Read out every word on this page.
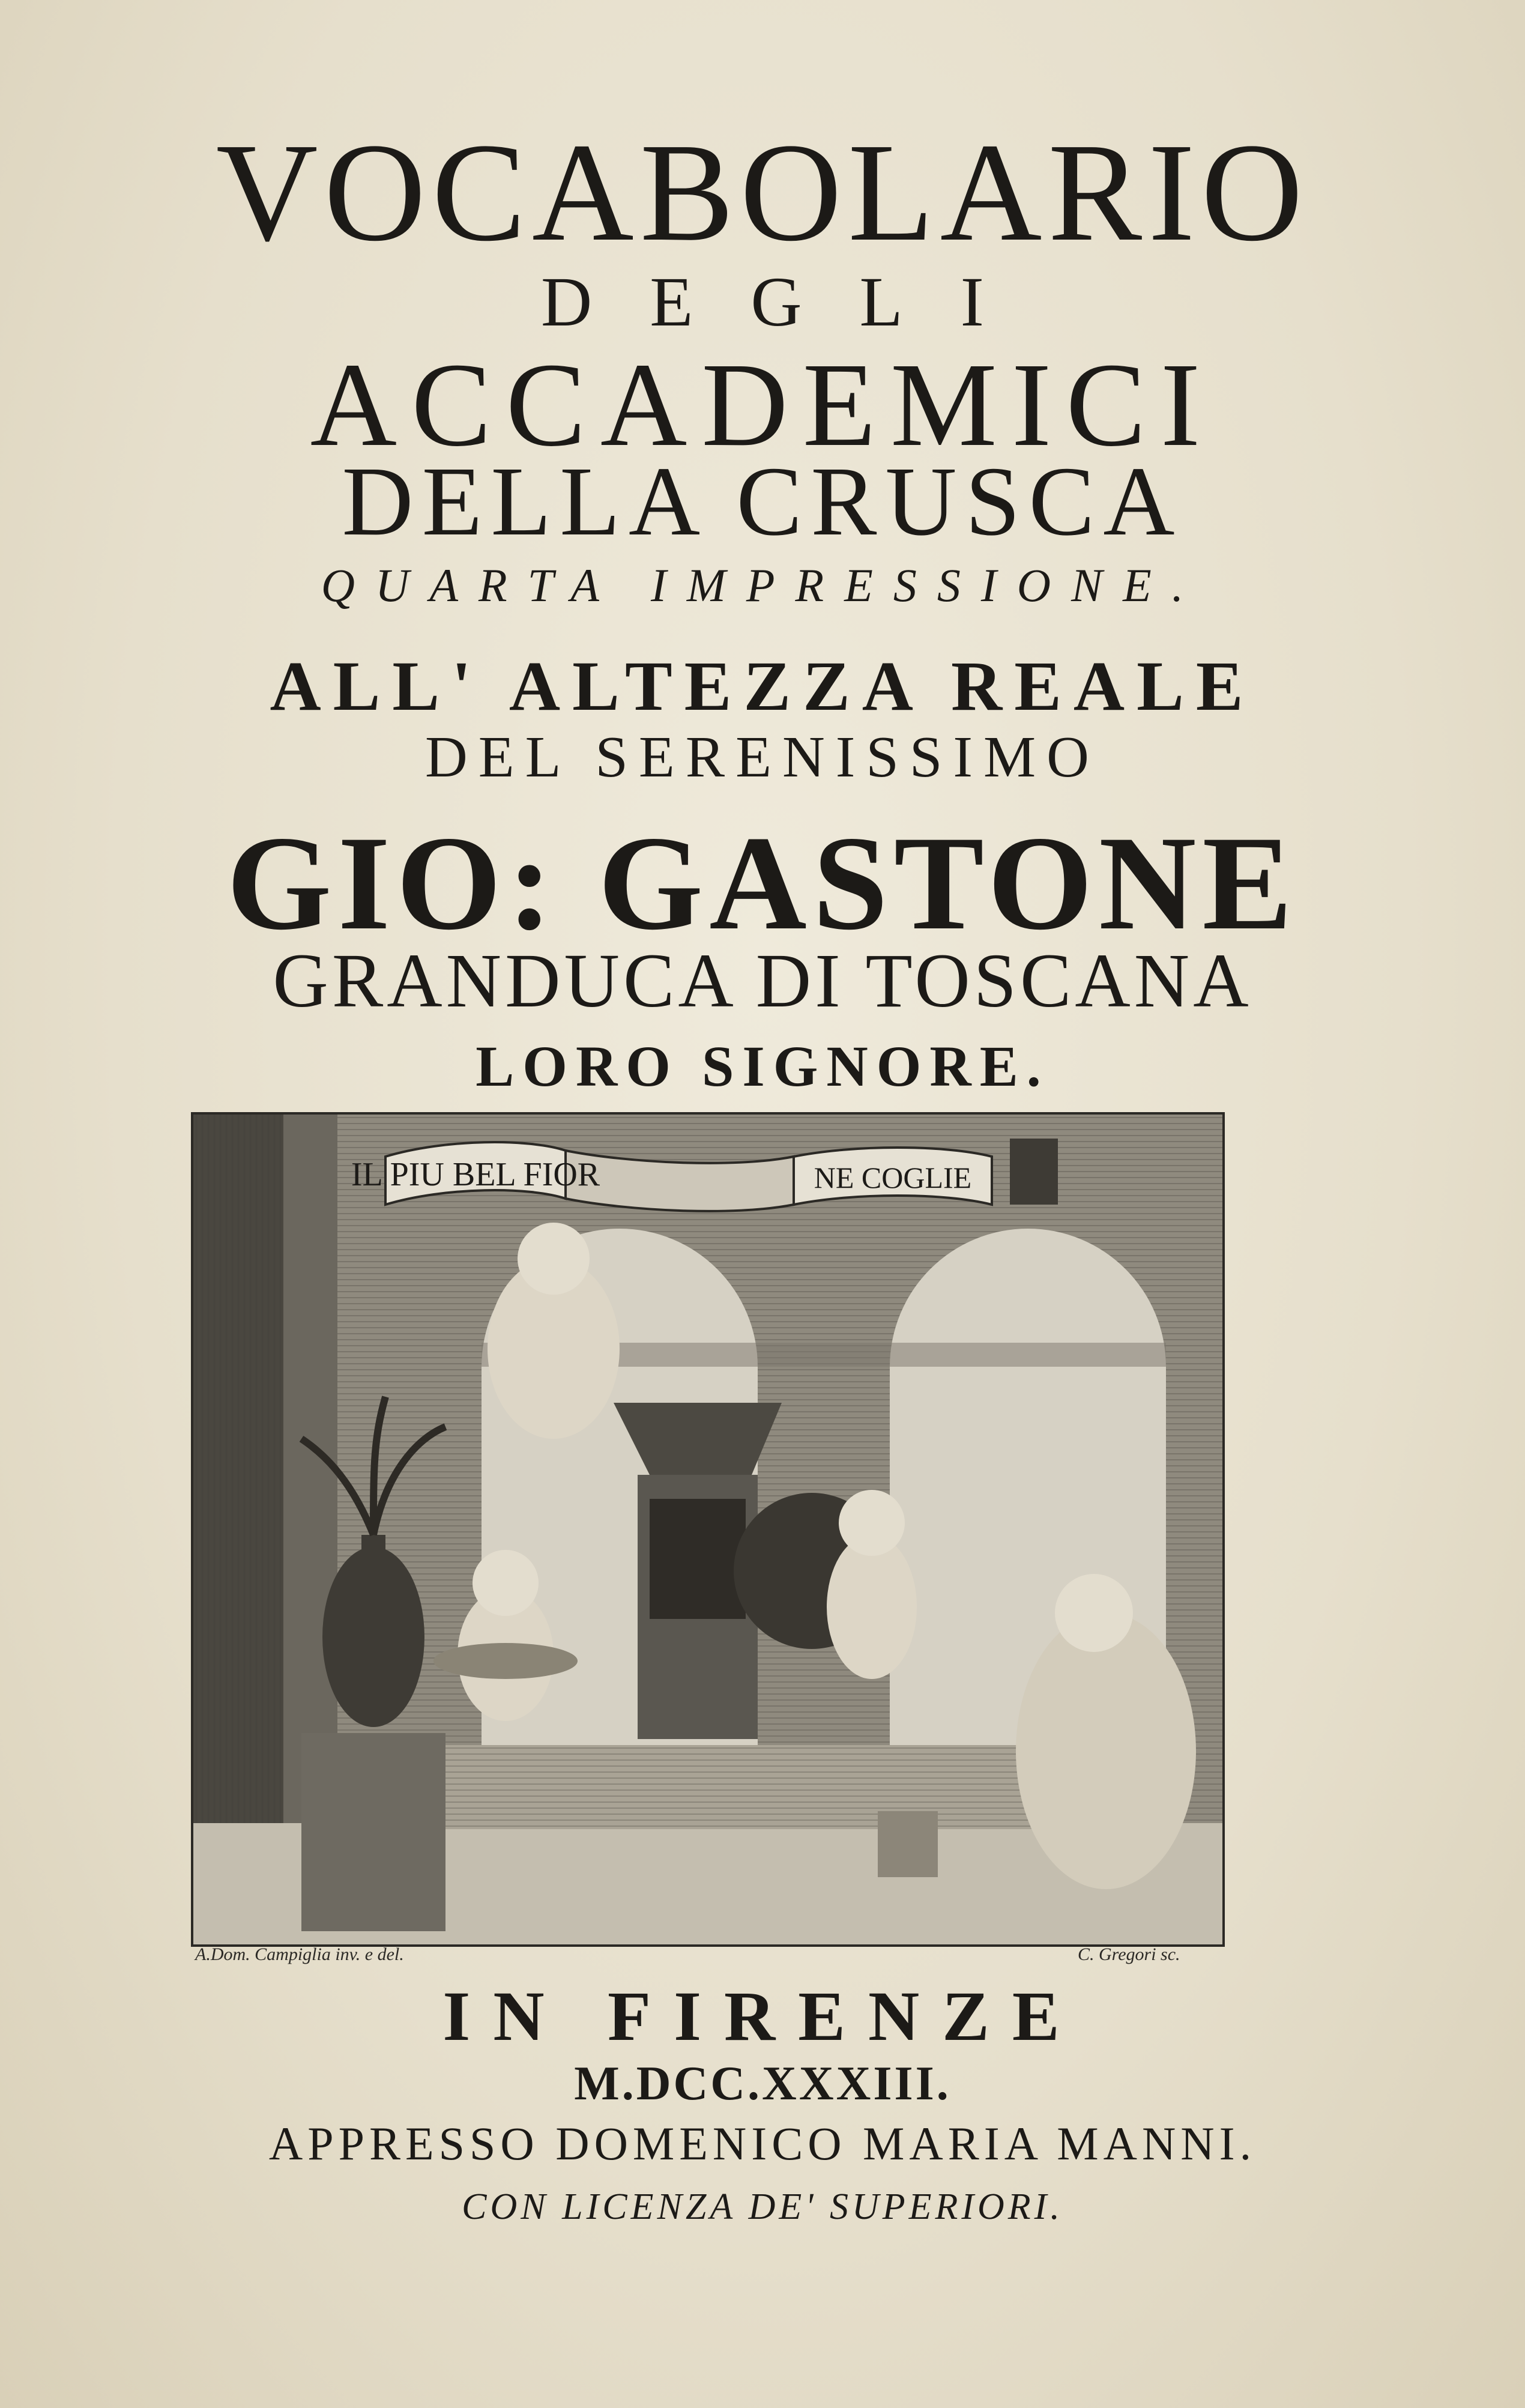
VOCABOLARIO
DEGLI
ACCADEMICI
DELLA CRUSCA
QUARTA IMPRESSIONE.
ALL' ALTEZZA REALE
DEL SERENISSIMO
GIO: GASTONE
GRANDUCA DI TOSCANA
LORO SIGNORE.
IL PIU BEL FIOR	NE COGLIE
A.Dom. Campiglia inv. e del.	C. Gregori sc.
IN FIRENZE
M.DCC.XXXIII.
APPRESSO DOMENICO MARIA MANNI.
CON LICENZA DE' SUPERIORI.
